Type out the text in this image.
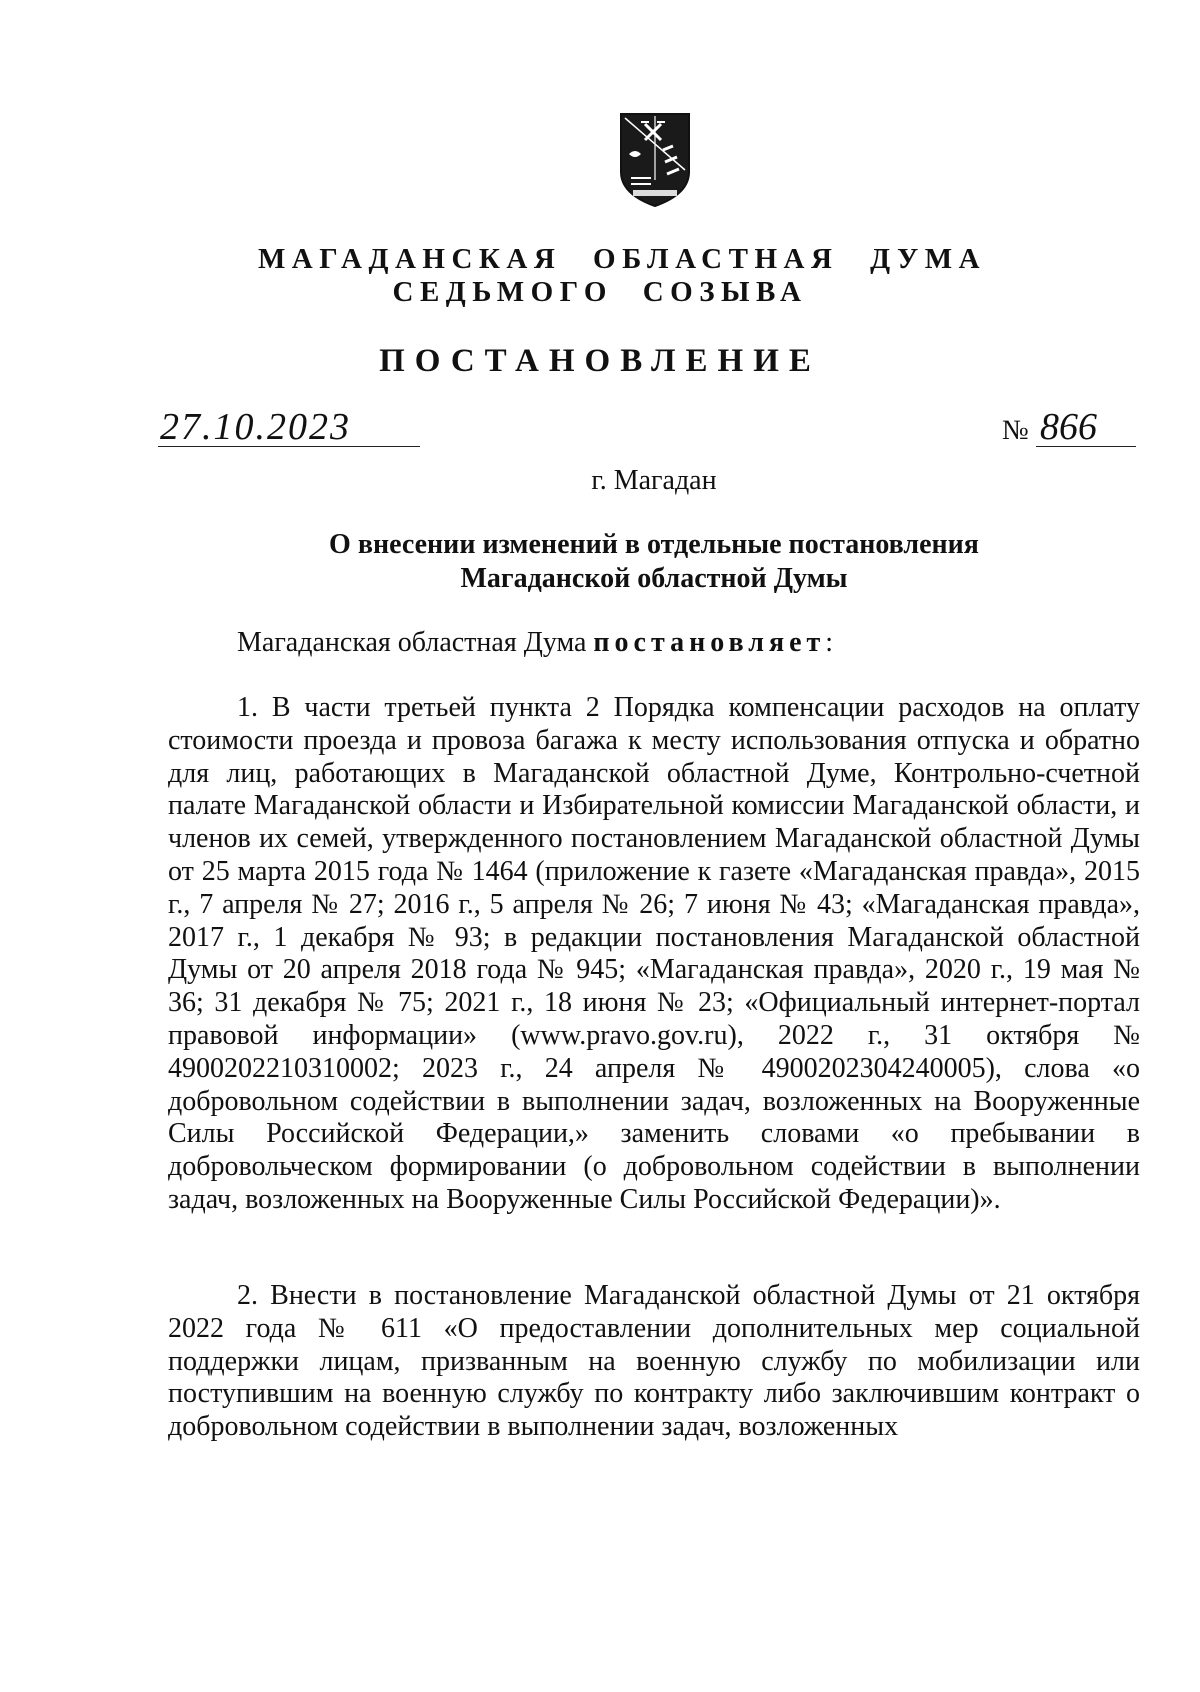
МАГАДАНСКАЯ ОБЛАСТНАЯ ДУМА
СЕДЬМОГО СОЗЫВА
ПОСТАНОВЛЕНИЕ
27.10.2023	№ 866
г. Магадан
О внесении изменений в отдельные постановления
Магаданской областной Думы
Магаданская областная Дума постановляет:
1. В части третьей пункта 2 Порядка компенсации расходов на оплату стоимости проезда и провоза багажа к месту использования отпуска и обратно для лиц, работающих в Магаданской областной Думе, Контрольно-счетной палате Магаданской области и Избирательной комиссии Магаданской области, и членов их семей, утвержденного постановлением Магаданской областной Думы от 25 марта 2015 года № 1464 (приложение к газете «Магаданская правда», 2015 г., 7 апреля № 27; 2016 г., 5 апреля № 26; 7 июня № 43; «Магаданская правда», 2017 г., 1 декабря № 93; в редакции постановления Магаданской областной Думы от 20 апреля 2018 года № 945; «Магаданская правда», 2020 г., 19 мая № 36; 31 декабря № 75; 2021 г., 18 июня № 23; «Официальный интернет-портал правовой информации» (www.pravo.gov.ru), 2022 г., 31 октября № 4900202210310002; 2023 г., 24 апреля № 4900202304240005), слова «о добровольном содействии в выполнении задач, возложенных на Вооруженные Силы Российской Федерации,» заменить словами «о пребывании в добровольческом формировании (о добровольном содействии в выполнении задач, возложенных на Вооруженные Силы Российской Федерации)».
2. Внести в постановление Магаданской областной Думы от 21 октября 2022 года № 611 «О предоставлении дополнительных мер социальной поддержки лицам, призванным на военную службу по мобилизации или поступившим на военную службу по контракту либо заключившим контракт о добровольном содействии в выполнении задач, возложенных
